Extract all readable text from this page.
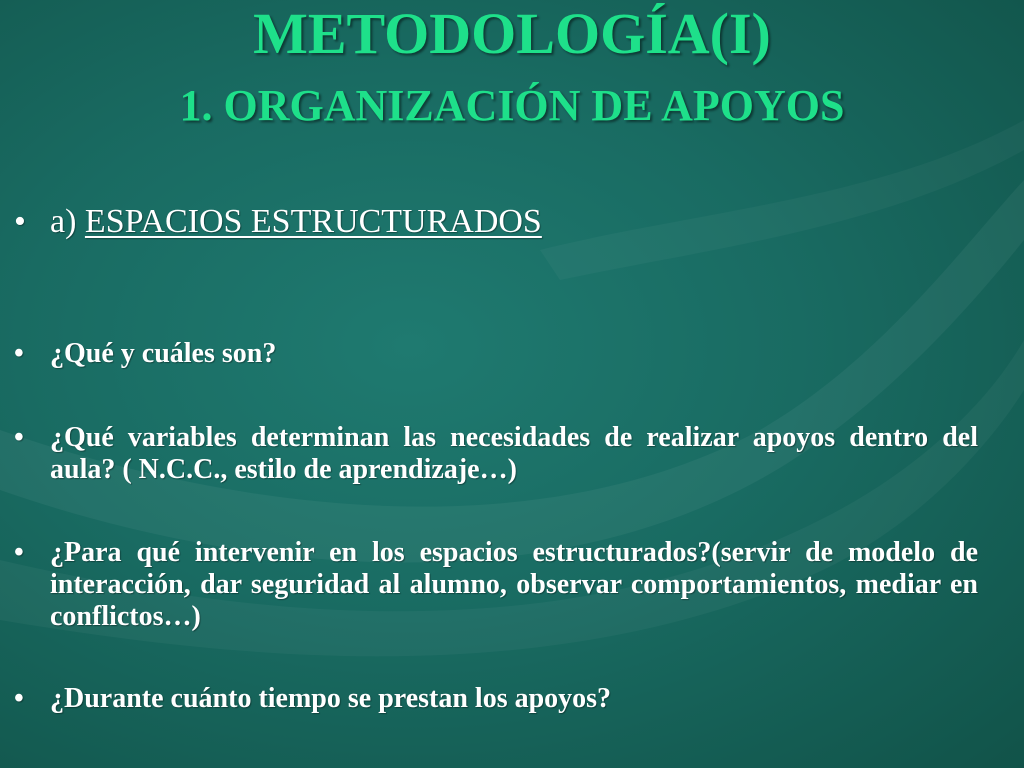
METODOLOGÍA(I)
1. ORGANIZACIÓN DE APOYOS
• a) ESPACIOS ESTRUCTURADOS
• ¿Qué y cuáles son?
• ¿Qué variables determinan las necesidades de realizar apoyos dentro del aula? ( N.C.C., estilo de aprendizaje…)
• ¿Para qué intervenir en los espacios estructurados?(servir de modelo de interacción, dar seguridad al alumno, observar comportamientos, mediar en conflictos…)
• ¿Durante cuánto tiempo se prestan los apoyos?
